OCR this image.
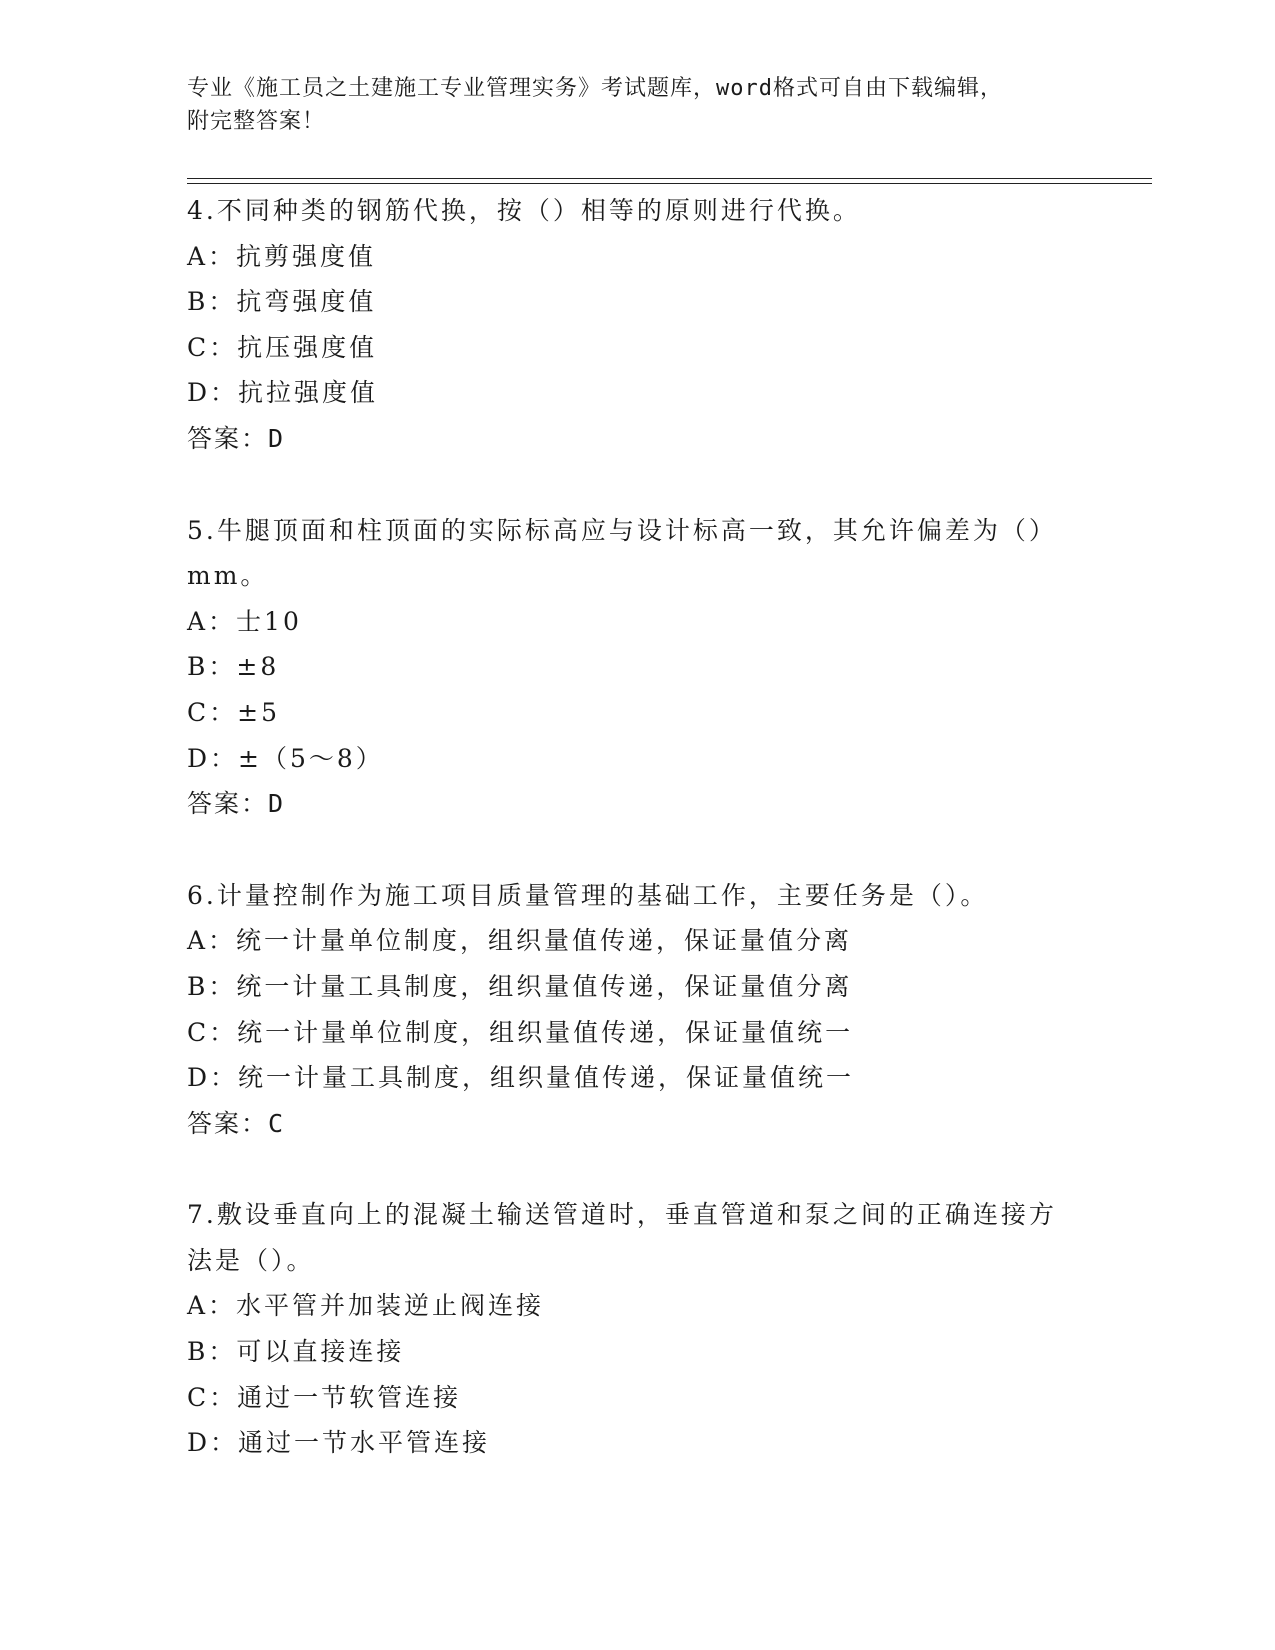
专业《施工员之土建施工专业管理实务》考试题库，word格式可自由下载编辑，
附完整答案！
4.不同种类的钢筋代换，按（）相等的原则进行代换。
A：抗剪强度值
B：抗弯强度值
C：抗压强度值
D：抗拉强度值
答案：D
5.牛腿顶面和柱顶面的实际标高应与设计标高一致，其允许偏差为（）mm。
A：士10
B：±8
C：±5
D：±（5～8）
答案：D
6.计量控制作为施工项目质量管理的基础工作，主要任务是（）。
A：统一计量单位制度，组织量值传递，保证量值分离
B：统一计量工具制度，组织量值传递，保证量值分离
C：统一计量单位制度，组织量值传递，保证量值统一
D：统一计量工具制度，组织量值传递，保证量值统一
答案：C
7.敷设垂直向上的混凝土输送管道时，垂直管道和泵之间的正确连接方法是（）。
A：水平管并加装逆止阀连接
B：可以直接连接
C：通过一节软管连接
D：通过一节水平管连接
